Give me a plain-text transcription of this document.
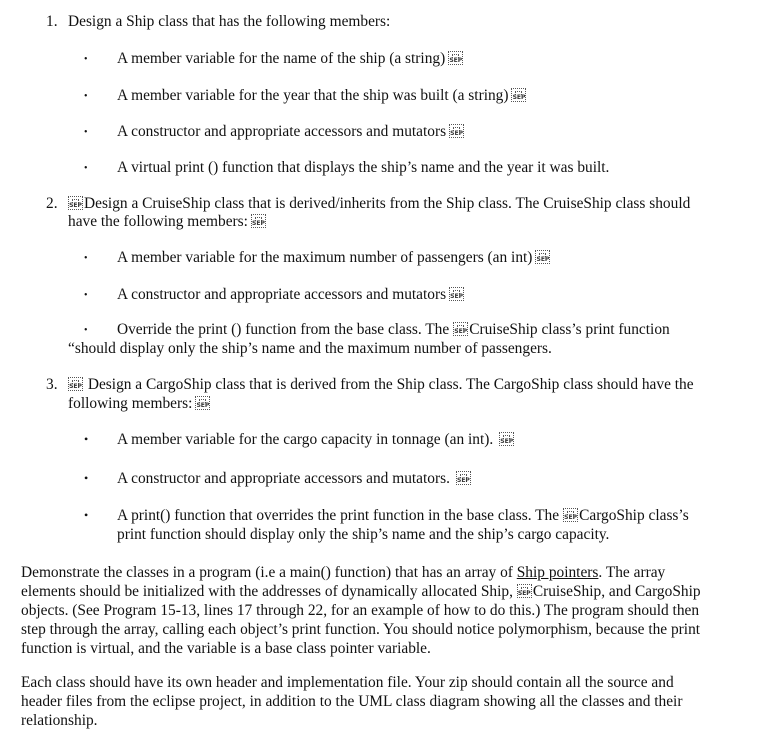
1. Design a Ship class that has the following members:
• A member variable for the name of the ship (a string)SEP
• A member variable for the year that the ship was built (a string)SEP
• A constructor and appropriate accessors and mutatorsSEP
• A virtual print () function that displays the ship’s name and the year it was built.
2. SEP	Design a CruiseShip class that is derived/inherits from the Ship class. The CruiseShip class should
have the following members:SEP
• A member variable for the maximum number of passengers (an int)SEP
• A constructor and appropriate accessors and mutatorsSEP
• Override the print () function from the base class. The SEP CruiseShip class’s print function
“should display only the ship’s name and the maximum number of passengers.
3. SEP	Design a CargoShip class that is derived from the Ship class. The CargoShip class should have the
following members:SEP
• A member variable for the cargo capacity in tonnage (an int).SEP
• A constructor and appropriate accessors and mutators.SEP
• A print() function that overrides the print function in the base class. The SEP CargoShip class’s
print function should display only the ship’s name and the ship’s cargo capacity.
Demonstrate the classes in a program (i.e a main() function) that has an array of Ship pointers. The array
elements should be initialized with the addresses of dynamically allocated Ship, SEP CruiseShip, and CargoShip
objects. (See Program 15-13, lines 17 through 22, for an example of how to do this.) The program should then
step through the array, calling each object’s print function. You should notice polymorphism, because the print
function is virtual, and the variable is a base class pointer variable.
Each class should have its own header and implementation file. Your zip should contain all the source and
header files from the eclipse project, in addition to the UML class diagram showing all the classes and their
relationship.
